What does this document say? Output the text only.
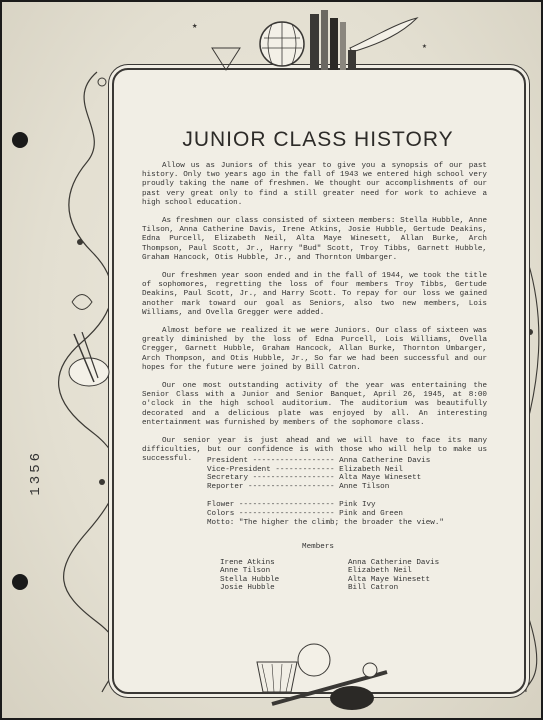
1356
★
★
JUNIOR CLASS HISTORY

Allow us as Juniors of this year to give you a synopsis of our past history. Only two years ago in the fall of 1943 we entered high school very proudly taking the name of freshmen. We thought our accomplishments of our past very great only to find a still greater need for work to achieve a high school education.

As freshmen our class consisted of sixteen members: Stella Hubble, Anne Tilson, Anna Catherine Davis, Irene Atkins, Josie Hubble, Gertude Deakins, Edna Purcell, Elizabeth Neil, Alta Maye Winesett, Allan Burke, Arch Thompson, Paul Scott, Jr., Harry "Bud" Scott, Troy Tibbs, Garnett Hubble, Graham Hancock, Otis Hubble, Jr., and Thornton Umbarger.

Our freshmen year soon ended and in the fall of 1944, we took the title of sophomores, regretting the loss of four members Troy Tibbs, Gertude Deakins, Paul Scott, Jr., and Harry Scott. To repay for our loss we gained another mark toward our goal as Seniors, also two new members, Lois Williams, and Ovella Gregger were added.

Almost before we realized it we were Juniors. Our class of sixteen was greatly diminished by the loss of Edna Purcell, Lois Williams, Ovella Cregger, Garnett Hubble, Graham Hancock, Allan Burke, Thornton Umbarger, Arch Thompson, and Otis Hubble, Jr., So far we had been successful and our hopes for the future were joined by Bill Catron.

Our one most outstanding activity of the year was entertaining the Senior Class with a Junior and Senior Banquet, April 26, 1945, at 8:00 o'clock in the high school auditorium. The auditorium was beautifully decorated and a delicious plate was enjoyed by all. An interesting entertainment was furnished by members of the sophomore class.

Our senior year is just ahead and we will have to face its many difficulties, but our confidence is with those who will help to make us successful.	President ------------------ Anna Catherine Davis
Vice-President ------------- Elizabeth Neil
Secretary ------------------ Alta Maye Winesett
Reporter ------------------- Anne Tilson
Flower --------------------- Pink Ivy
Colors --------------------- Pink and Green
Motto: "The higher the climb; the broader the view."
Members
Irene Atkins	Anna Catherine Davis
Anne Tilson	Elizabeth Neil
Stella Hubble	Alta Maye Winesett
Josie Hubble	Bill Catron
